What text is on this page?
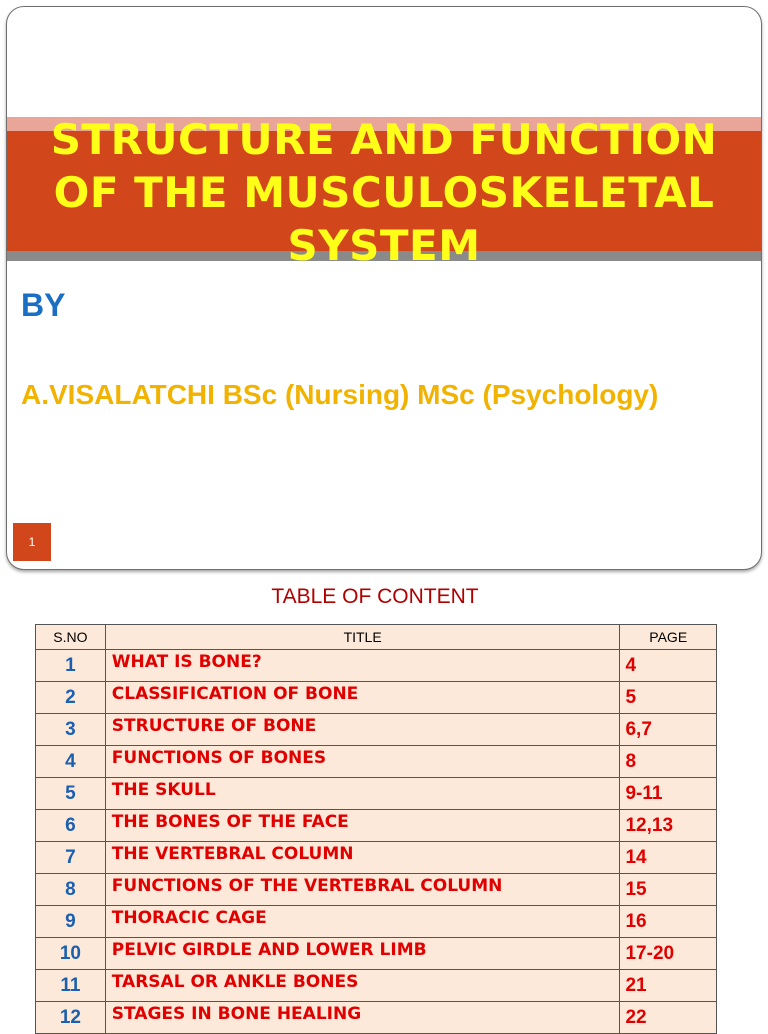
STRUCTURE AND FUNCTION
OF THE MUSCULOSKELETAL
SYSTEM
BY
A.VISALATCHI BSc (Nursing) MSc (Psychology)
1
TABLE OF CONTENT
S.NO	TITLE	PAGE
1	WHAT IS BONE?	4
2	CLASSIFICATION OF BONE	5
3	STRUCTURE OF BONE	6,7
4	FUNCTIONS OF BONES	8
5	THE SKULL	9-11
6	THE BONES OF THE FACE	12,13
7	THE VERTEBRAL COLUMN	14
8	FUNCTIONS OF THE VERTEBRAL COLUMN	15
9	THORACIC CAGE	16
10	PELVIC GIRDLE AND LOWER LIMB	17-20
11	TARSAL OR ANKLE BONES	21
12	STAGES IN BONE HEALING	22
